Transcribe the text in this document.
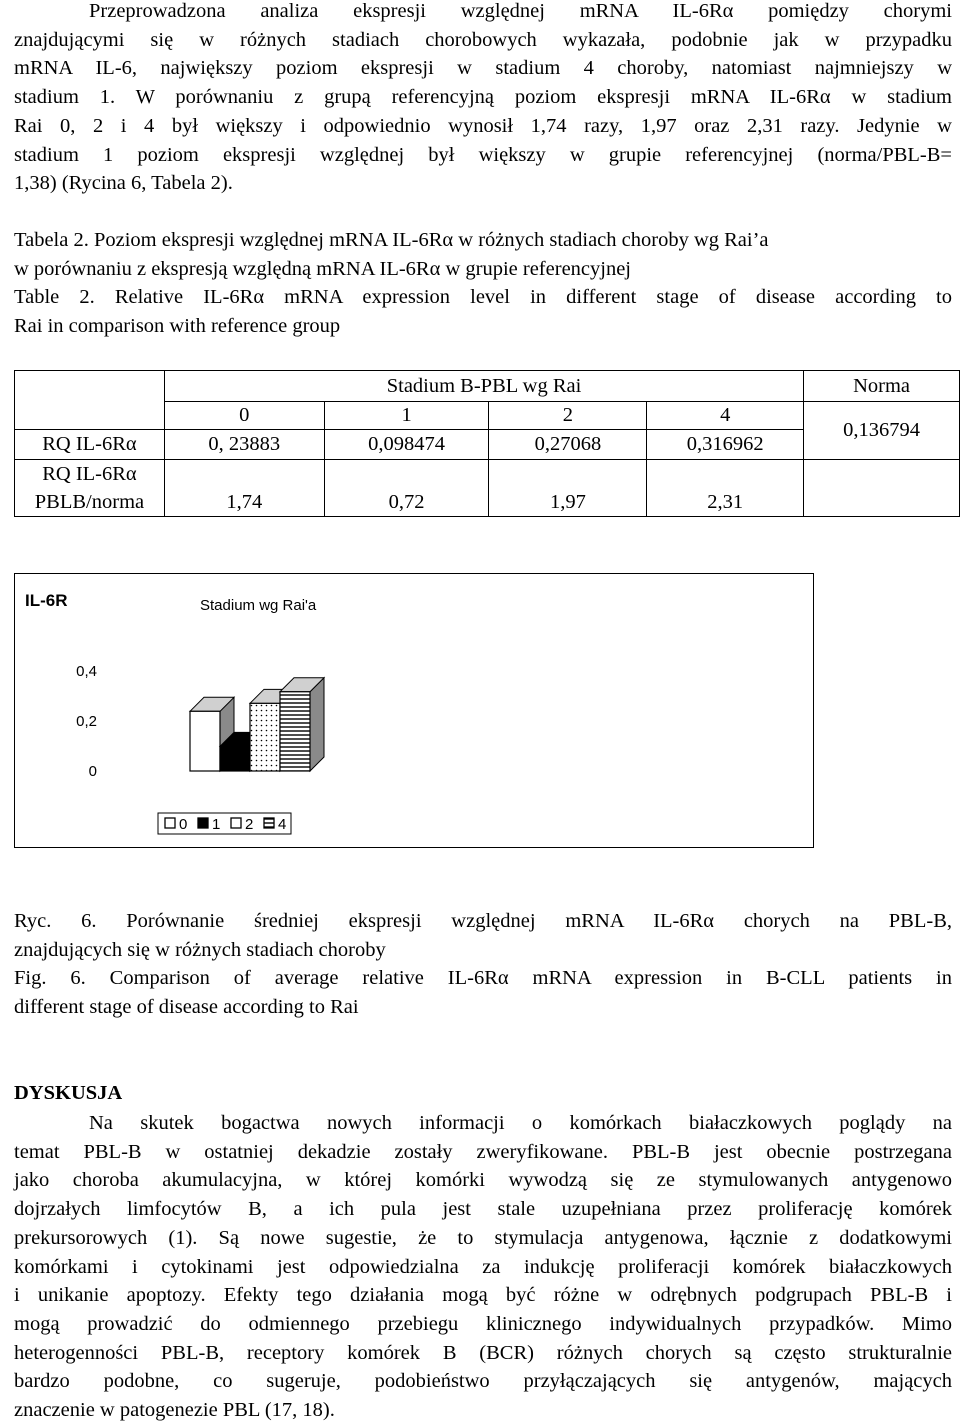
Przeprowadzona analiza ekspresji względnej mRNA IL-6Rα pomiędzy chorymi

znajdującymi się w różnych stadiach chorobowych wykazała, podobnie jak w przypadku

mRNA IL-6, największy poziom ekspresji w stadium 4 choroby, natomiast najmniejszy w

stadium 1. W porównaniu z grupą referencyjną poziom ekspresji mRNA IL-6Rα w stadium

Rai 0, 2 i 4 był większy i odpowiednio wynosił 1,74 razy, 1,97 oraz 2,31 razy. Jedynie w

stadium 1 poziom ekspresji względnej był większy w grupie referencyjnej (norma/PBL-B=

1,38) (Rycina 6, Tabela 2).

Tabela 2. Poziom ekspresji względnej mRNA IL-6Rα w różnych stadiach choroby wg Rai’a

w porównaniu z ekspresją względną mRNA IL-6Rα w grupie referencyjnej

Table 2. Relative IL-6Rα mRNA expression level in different stage of disease according to

Rai in comparison with reference group

	Stadium B-PBL wg Rai				Norma
	0	1	2	4	0,136794
RQ IL-6Rα	0, 23883	0,098474	0,27068	0,316962	

RQ IL-6Rα
PBLB/norma	1,74	0,72	1,97	2,31	
IL-6R	Stadium wg Rai'a
0,4
0,2
0
0 1 2 4

Ryc. 6. Porównanie średniej ekspresji względnej mRNA IL-6Rα chorych na PBL-B,

znajdujących się w różnych stadiach choroby

Fig. 6. Comparison of average relative IL-6Rα mRNA expression in B-CLL patients in

different stage of disease according to Rai

DYSKUSJA

Na skutek bogactwa nowych informacji o komórkach białaczkowych poglądy na

temat PBL-B w ostatniej dekadzie zostały zweryfikowane. PBL-B jest obecnie postrzegana

jako choroba akumulacyjna, w której komórki wywodzą się ze stymulowanych antygenowo

dojrzałych limfocytów B, a ich pula jest stale uzupełniana przez proliferację komórek

prekursorowych (1). Są nowe sugestie, że to stymulacja antygenowa, łącznie z dodatkowymi

komórkami i cytokinami jest odpowiedzialna za indukcję proliferacji komórek białaczkowych

i unikanie apoptozy. Efekty tego działania mogą być różne w odrębnych podgrupach PBL-B i

mogą prowadzić do odmiennego przebiegu klinicznego indywidualnych przypadków. Mimo

heterogenności PBL-B, receptory komórek B (BCR) różnych chorych są często strukturalnie

bardzo podobne, co sugeruje, podobieństwo przyłączających się antygenów, mających

znaczenie w patogenezie PBL (17, 18).
